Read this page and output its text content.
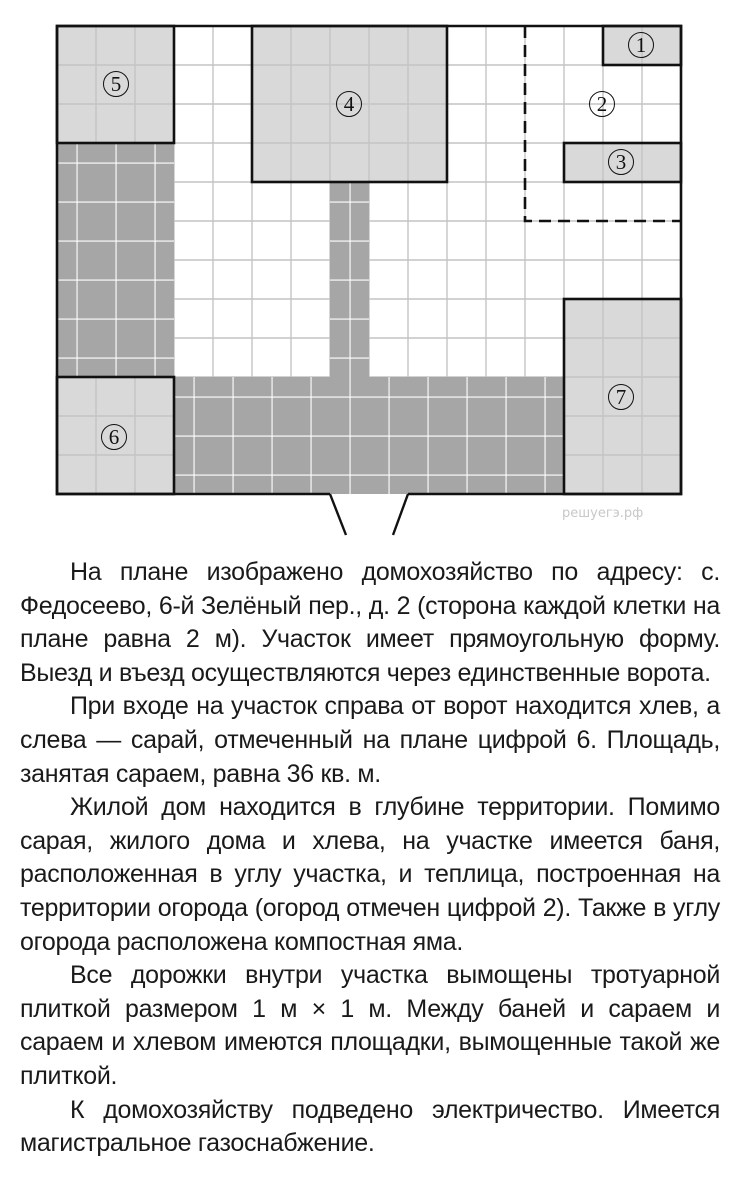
5
4
1
2
3
7
6
решуегэ.рф

На плане изображено домохозяйство по адресу: с. Федосеево, 6-й Зелёный пер., д. 2 (сторона каждой клетки на плане равна 2 м). Участок имеет прямоугольную форму. Выезд и въезд осуществляются через единственные ворота.

При входе на участок справа от ворот находится хлев, а слева — сарай, отмеченный на плане цифрой 6. Площадь, занятая сараем, равна 36 кв. м.

Жилой дом находится в глубине территории. Помимо сарая, жилого дома и хлева, на участке имеется баня, расположенная в углу участка, и теплица, построенная на территории огорода (огород отмечен цифрой 2). Также в углу огорода расположена компостная яма.

Все дорожки внутри участка вымощены тротуарной плиткой размером 1 м × 1 м. Между баней и сараем и сараем и хлевом имеются площадки, вымощенные такой же плиткой.

К домохозяйству подведено электричество. Имеется магистральное газоснабжение.
